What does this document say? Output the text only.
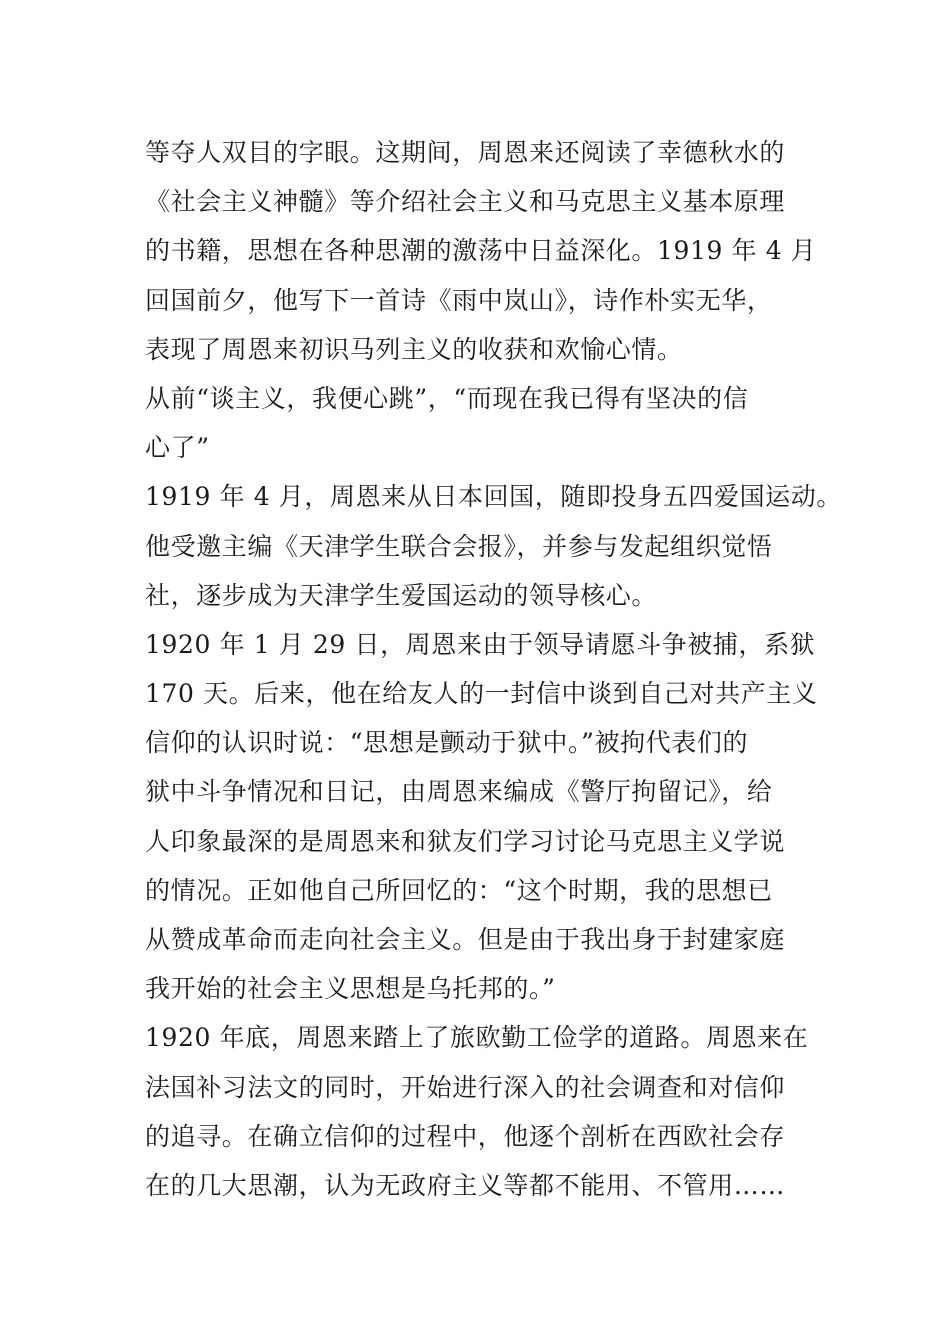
等夺人双目的字眼。这期间，周恩来还阅读了幸德秋水的
《社会主义神髓》等介绍社会主义和马克思主义基本原理
的书籍，思想在各种思潮的激荡中日益深化。1919 年 4 月
回国前夕，他写下一首诗《雨中岚山》，诗作朴实无华，
表现了周恩来初识马列主义的收获和欢愉心情。
从前“谈主义，我便心跳”，“而现在我已得有坚决的信
心了”
1919 年 4 月，周恩来从日本回国，随即投身五四爱国运动。
他受邀主编《天津学生联合会报》，并参与发起组织觉悟
社，逐步成为天津学生爱国运动的领导核心。
1920 年 1 月 29 日，周恩来由于领导请愿斗争被捕，系狱
170 天。后来，他在给友人的一封信中谈到自己对共产主义
信仰的认识时说：“思想是颤动于狱中。”被拘代表们的
狱中斗争情况和日记，由周恩来编成《警厅拘留记》，给
人印象最深的是周恩来和狱友们学习讨论马克思主义学说
的情况。正如他自己所回忆的：“这个时期，我的思想已
从赞成革命而走向社会主义。但是由于我出身于封建家庭
我开始的社会主义思想是乌托邦的。”
1920 年底，周恩来踏上了旅欧勤工俭学的道路。周恩来在
法国补习法文的同时，开始进行深入的社会调查和对信仰
的追寻。在确立信仰的过程中，他逐个剖析在西欧社会存
在的几大思潮，认为无政府主义等都不能用、不管用……
